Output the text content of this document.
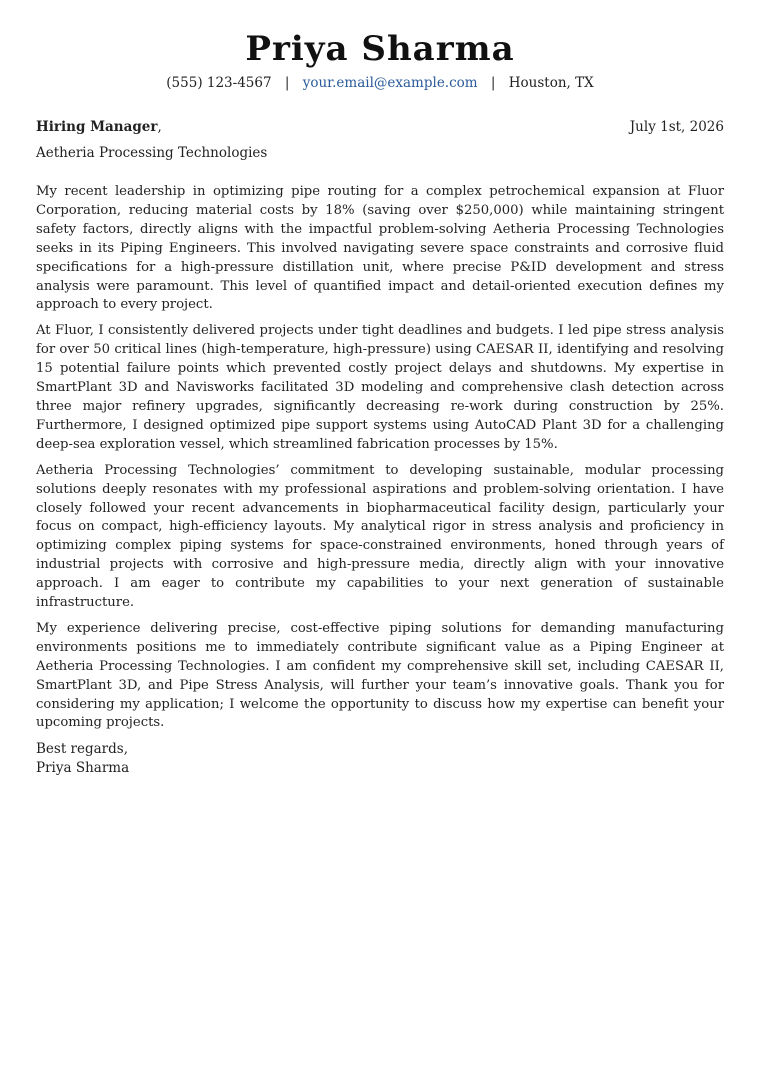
Priya Sharma
(555) 123-4567 | your.email@example.com | Houston, TX
Hiring Manager,	July 1st, 2026
Aetheria Processing Technologies

My recent leadership in optimizing pipe routing for a complex petrochemical expansion at Fluor Corporation, reducing material costs by 18% (saving over $250,000) while maintaining stringent safety factors, directly aligns with the impactful problem-solving Aetheria Processing Technologies seeks in its Piping Engineers. This involved navigating severe space constraints and corrosive fluid specifications for a high-pressure distillation unit, where precise P&ID development and stress analysis were paramount. This level of quantified impact and detail-oriented execution defines my approach to every project.

At Fluor, I consistently delivered projects under tight deadlines and budgets. I led pipe stress analysis for over 50 critical lines (high-temperature, high-pressure) using CAESAR II, identifying and resolving 15 potential failure points which prevented costly project delays and shutdowns. My expertise in SmartPlant 3D and Navisworks facilitated 3D modeling and comprehensive clash detection across three major refinery upgrades, significantly decreasing re-work during construction by 25%. Furthermore, I designed optimized pipe support systems using AutoCAD Plant 3D for a challenging deep-sea exploration vessel, which streamlined fabrication processes by 15%.

Aetheria Processing Technologies’ commitment to developing sustainable, modular processing solutions deeply resonates with my professional aspirations and problem-solving orientation. I have closely followed your recent advancements in biopharmaceutical facility design, particularly your focus on compact, high-efficiency layouts. My analytical rigor in stress analysis and proficiency in optimizing complex piping systems for space-constrained environments, honed through years of industrial projects with corrosive and high-pressure media, directly align with your innovative approach. I am eager to contribute my capabilities to your next generation of sustainable infrastructure.

My experience delivering precise, cost-effective piping solutions for demanding manufacturing environments positions me to immediately contribute significant value as a Piping Engineer at Aetheria Processing Technologies. I am confident my comprehensive skill set, including CAESAR II, SmartPlant 3D, and Pipe Stress Analysis, will further your team’s innovative goals. Thank you for considering my application; I welcome the opportunity to discuss how my expertise can benefit your upcoming projects.

Best regards,
Priya Sharma
